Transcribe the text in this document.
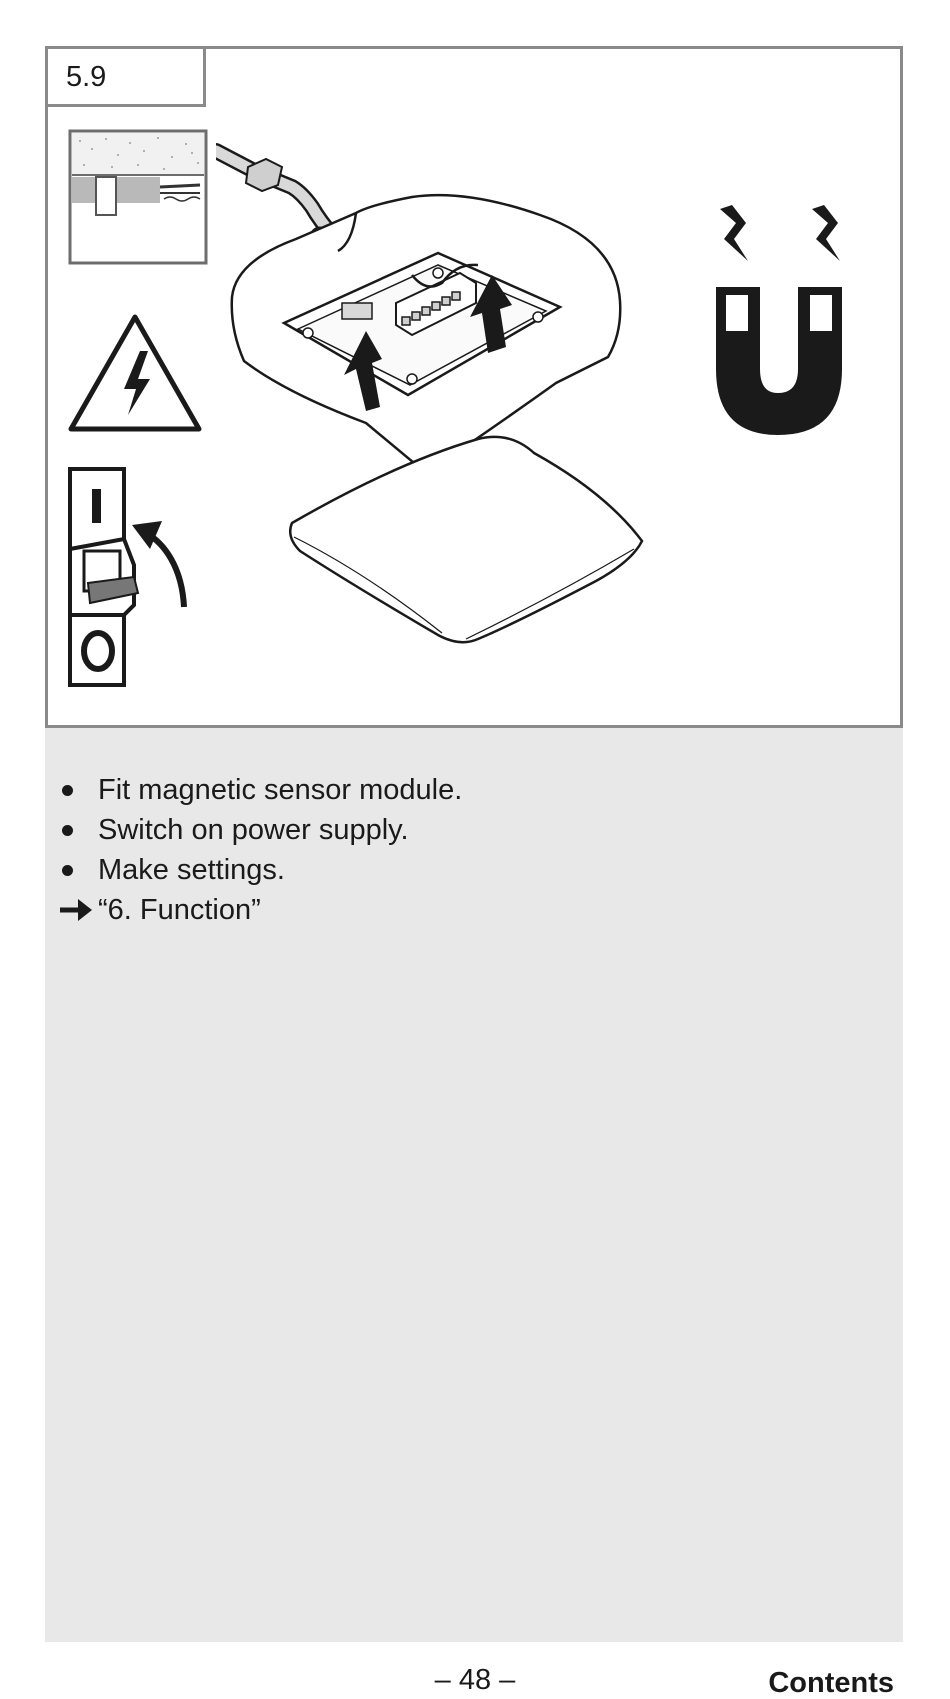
5.9
Fit magnetic sensor module.
Switch on power supply.
Make settings.
“6. Function”
– 48 –	Contents
